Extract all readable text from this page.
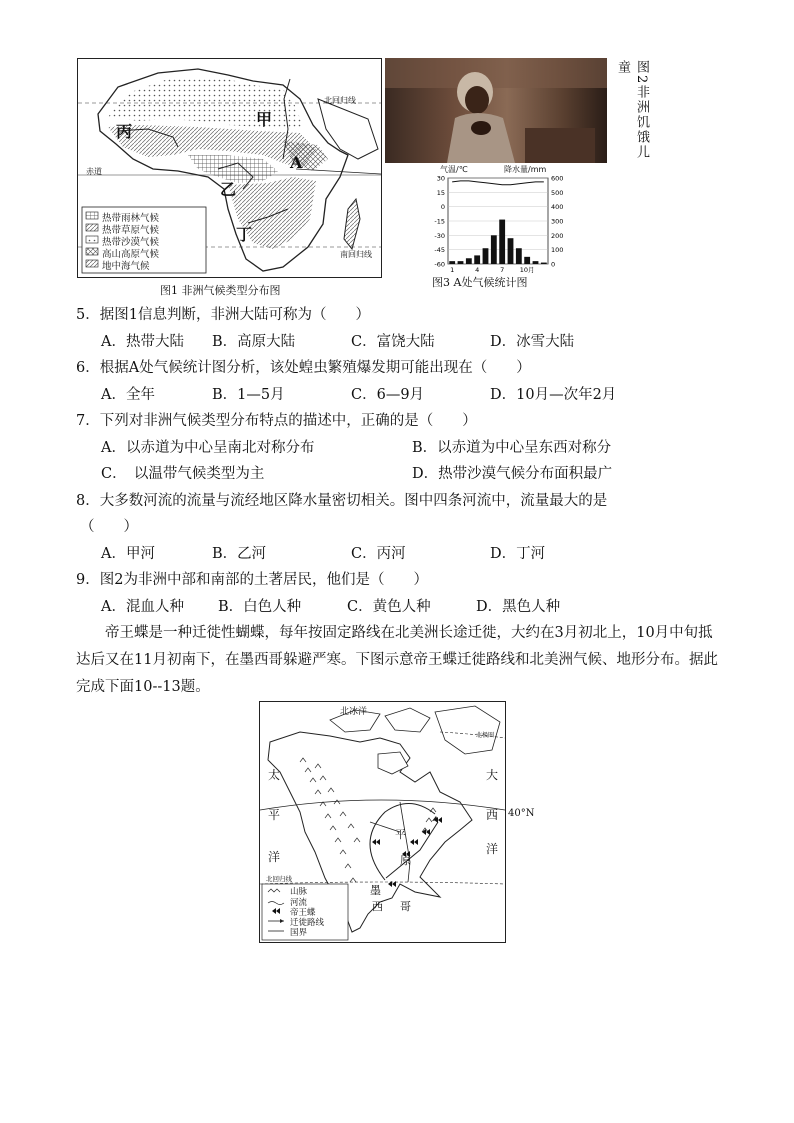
甲
丙
乙
丁
A
北回归线
赤道
南回归线
热带雨林气候
热带草原气候
热带沙漠气候
高山高原气候
地中海气候
图1 非洲气候类型分布图
图2非洲饥饿儿童
30
15
0
-15
-30
-45
-60
600
500
400
300
200
100
0
1	4	7 10月
气温/℃	降水量/mm
图3 A处气候统计图
5．据图1信息判断，非洲大陆可称为（　　）
A．热带大陆 B．高原大陆	C．富饶大陆	D．冰雪大陆
6．根据A处气候统计图分析，该处蝗虫繁殖爆发期可能出现在（　　）
A．全年	B．1—5月	C．6—9月	D．10月—次年2月
7．下列对非洲气候类型分布特点的描述中，正确的是（　　）
A．以赤道为中心呈南北对称分布	B．以赤道为中心呈东西对称分
C．　以温带气候类型为主	D．热带沙漠气候分布面积最广
8．大多数河流的流量与流经地区降水量密切相关。图中四条河流中，流量最大的是
（　　）
A．甲河	B．乙河	C．丙河	D．丁河
9．图2为非洲中部和南部的土著居民，他们是（　　）
A．混血人种 B．白色人种	C．黄色人种	D．黑色人种
帝王蝶是一种迁徙性蝴蝶，每年按固定路线在北美洲长途迁徙，大约在3月初北上，10月中旬抵达后又在11月初南下，在墨西哥躲避严寒。下图示意帝王蝶迁徙路线和北美洲气候、地形分布。据此完成下面10--13题。
北冰洋
北极圈
太
平
洋
大
西
洋
平
原
墨
西 哥
北回归线
山脉
河流
帝王蝶
迁徙路线
国界
40°N
